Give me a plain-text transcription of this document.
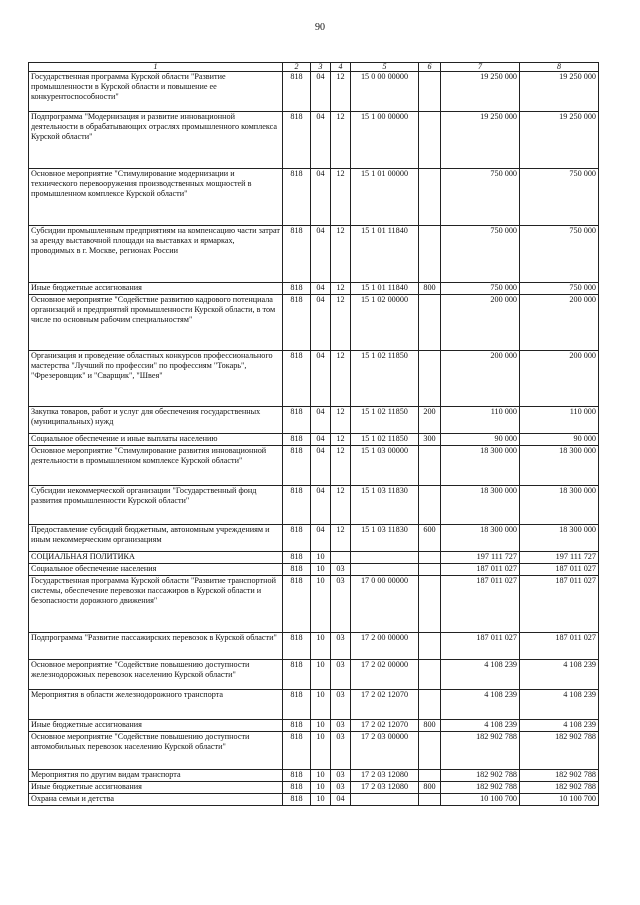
90
1	2	3	4	5	6	7	8
Государственная программа Курской области "Развитие промышленности в Курской области и повышение ее конкурентоспособности"	818	04	12	15 0 00 00000		19 250 000	19 250 000
Подпрограмма "Модернизация и развитие инновационной деятельности в обрабатывающих отраслях промышленного комплекса Курской области"	818	04	12	15 1 00 00000		19 250 000	19 250 000
Основное мероприятие "Стимулирование модернизации и технического перевооружения производственных мощностей в промышленном комплексе Курской области"	818	04	12	15 1 01 00000		750 000	750 000
Субсидии промышленным предприятиям на компенсацию части затрат за аренду выставочной площади на выставках и ярмарках, проводимых в г. Москве, регионах России	818	04	12	15 1 01 11840		750 000	750 000
Иные бюджетные ассигнования	818	04	12	15 1 01 11840	800	750 000	750 000
Основное мероприятие "Содействие развитию кадрового потенциала организаций и предприятий промышленности Курской области, в том числе по основным рабочим специальностям"	818	04	12	15 1 02 00000		200 000	200 000
Организация и проведение областных конкурсов профессионального мастерства "Лучший по профессии" по профессиям "Токарь", "Фрезеровщик" и "Сварщик", "Швея"	818	04	12	15 1 02 11850		200 000	200 000
Закупка товаров, работ и услуг для обеспечения государственных (муниципальных) нужд	818	04	12	15 1 02 11850	200	110 000	110 000
Социальное обеспечение и иные выплаты населению	818	04	12	15 1 02 11850	300	90 000	90 000
Основное мероприятие "Стимулирование развития инновационной деятельности в промышленном комплексе Курской области"	818	04	12	15 1 03 00000		18 300 000	18 300 000
Субсидии некоммерческой организации "Государственный фонд развития промышленности Курской области"	818	04	12	15 1 03 11830		18 300 000	18 300 000
Предоставление субсидий бюджетным, автономным учреждениям и иным некоммерческим организациям	818	04	12	15 1 03 11830	600	18 300 000	18 300 000
СОЦИАЛЬНАЯ ПОЛИТИКА	818	10				197 111 727	197 111 727
Социальное обеспечение населения	818	10	03			187 011 027	187 011 027
Государственная программа Курской области "Развитие транспортной системы, обеспечение перевозки пассажиров в Курской области и безопасности дорожного движения"	818	10	03	17 0 00 00000		187 011 027	187 011 027
Подпрограмма "Развитие пассажирских перевозок в Курской области"	818	10	03	17 2 00 00000		187 011 027	187 011 027
Основное мероприятие "Содействие повышению доступности железнодорожных перевозок населению Курской области"	818	10	03	17 2 02 00000		4 108 239	4 108 239
Мероприятия в области железнодорожного транспорта	818	10	03	17 2 02 12070		4 108 239	4 108 239
Иные бюджетные ассигнования	818	10	03	17 2 02 12070	800	4 108 239	4 108 239
Основное мероприятие "Содействие повышению доступности автомобильных перевозок населению Курской области"	818	10	03	17 2 03 00000		182 902 788	182 902 788
Мероприятия по другим видам транспорта	818	10	03	17 2 03 12080		182 902 788	182 902 788
Иные бюджетные ассигнования	818	10	03	17 2 03 12080	800	182 902 788	182 902 788
Охрана семьи и детства	818	10	04			10 100 700	10 100 700
